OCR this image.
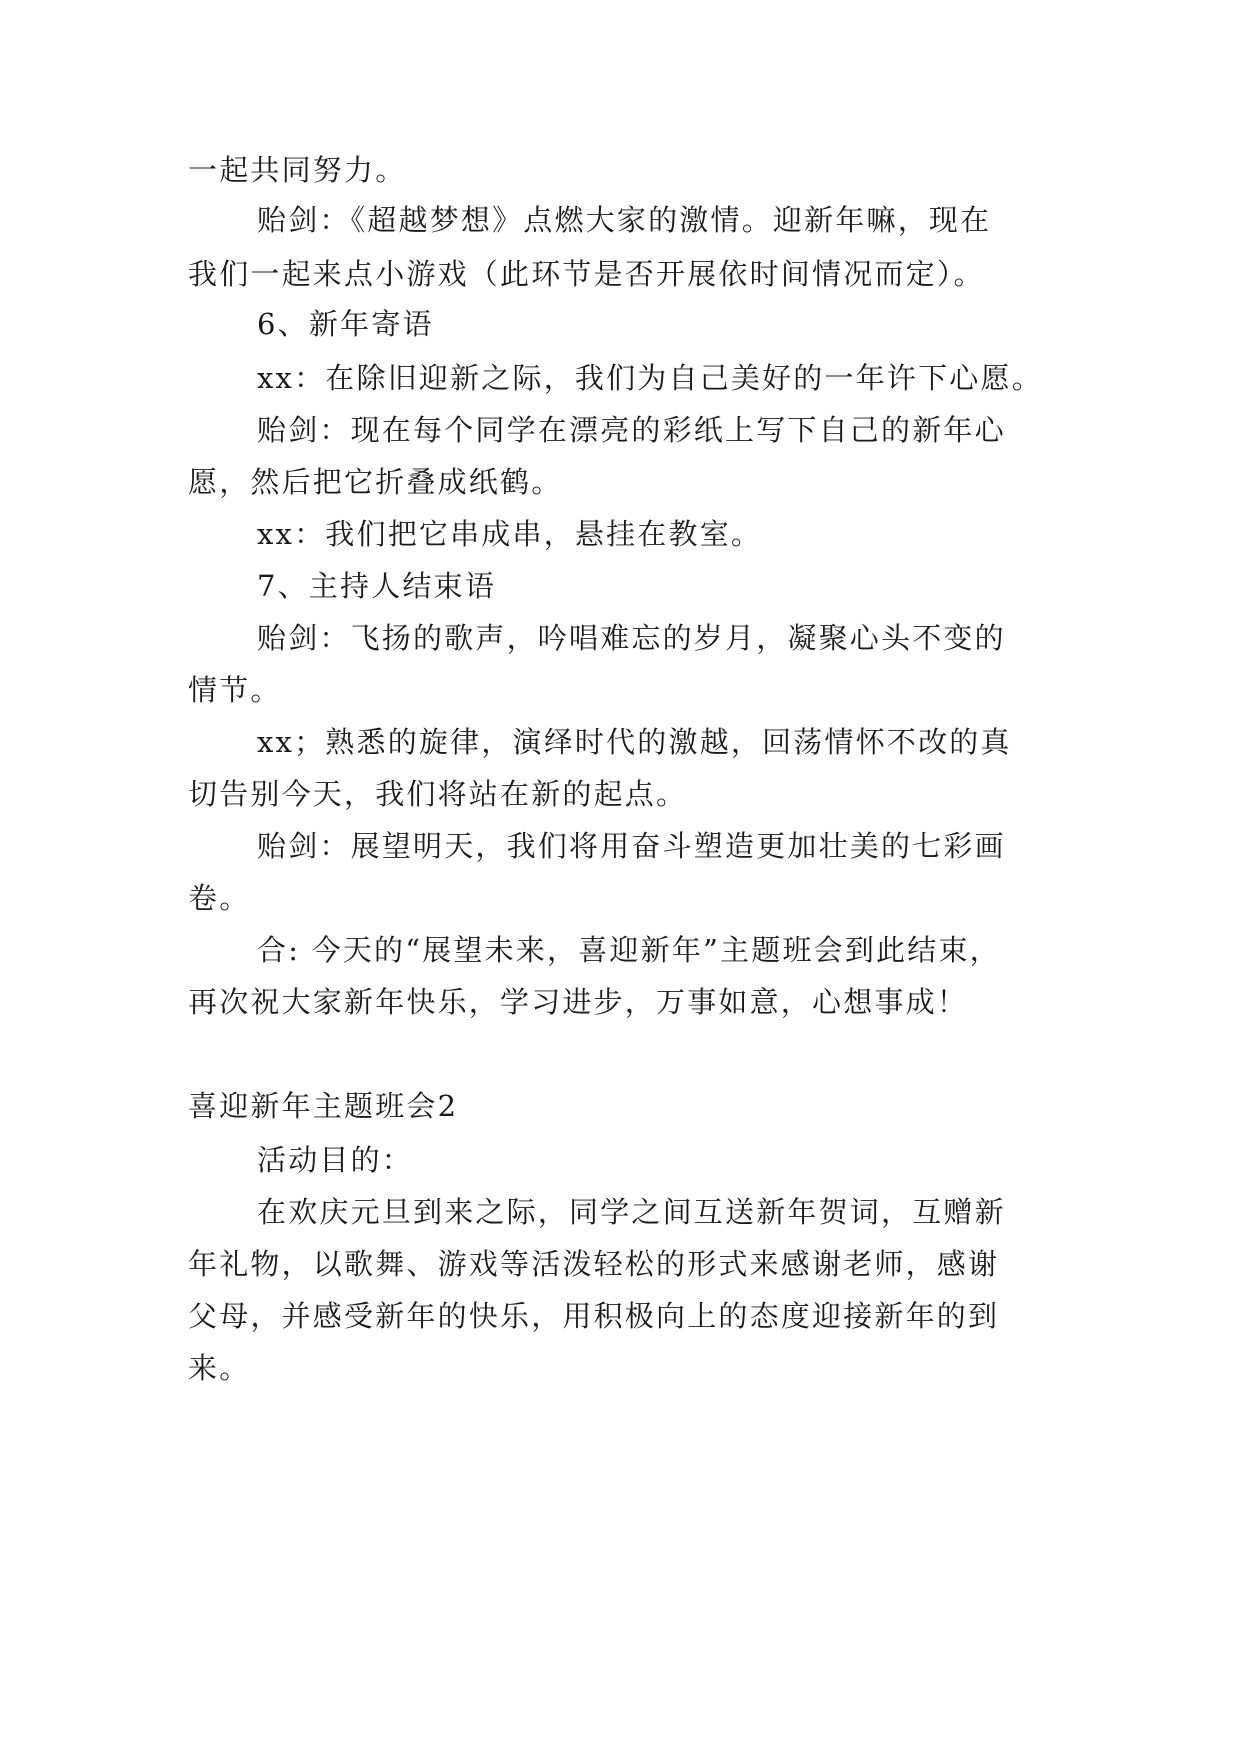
一起共同努力。
贻剑：《超越梦想》点燃大家的激情。迎新年嘛，现在
我们一起来点小游戏（此环节是否开展依时间情况而定）。
6、新年寄语
xx：在除旧迎新之际，我们为自己美好的一年许下心愿。
贻剑：现在每个同学在漂亮的彩纸上写下自己的新年心
愿，然后把它折叠成纸鹤。
xx：我们把它串成串，悬挂在教室。
7、主持人结束语
贻剑：飞扬的歌声，吟唱难忘的岁月，凝聚心头不变的
情节。
xx；熟悉的旋律，演绎时代的激越，回荡情怀不改的真
切告别今天，我们将站在新的起点。
贻剑：展望明天，我们将用奋斗塑造更加壮美的七彩画
卷。
合: 今天的“展望未来，喜迎新年”主题班会到此结束，
再次祝大家新年快乐，学习进步，万事如意，心想事成！
喜迎新年主题班会2
活动目的：
在欢庆元旦到来之际，同学之间互送新年贺词，互赠新
年礼物，以歌舞、游戏等活泼轻松的形式来感谢老师，感谢
父母，并感受新年的快乐，用积极向上的态度迎接新年的到
来。
